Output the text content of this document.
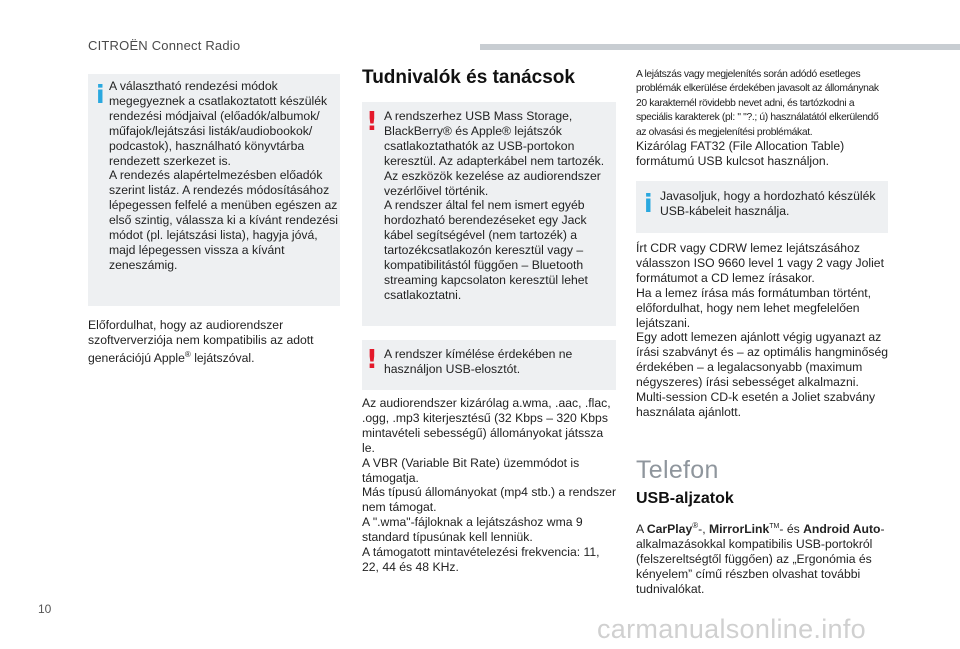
CITROËN Connect Radio
i A választható rendezési módok megegyeznek a csatlakoztatott készülék rendezési módjaival (előadók/albumok/ műfajok/lejátszási listák/audiobookok/ podcastok), használható könyvtárba rendezett szerkezet is.

A rendezés alapértelmezésben előadók szerint listáz. A rendezés módosításához lépegessen felfelé a menüben egészen az első szintig, válassza ki a kívánt rendezési módot (pl. lejátszási lista), hagyja jóvá, majd lépegessen vissza a kívánt zeneszámig.

Előfordulhat, hogy az audiorendszer szoftververziója nem kompatibilis az adott generációjú Apple® lejátszóval.

Tudnivalók és tanácsok
! A rendszerhez USB Mass Storage, BlackBerry® és Apple® lejátszók csatlakoztathatók az USB-portokon keresztül. Az adapterkábel nem tartozék.

Az eszközök kezelése az audiorendszer vezérlőivel történik.

A rendszer által fel nem ismert egyéb hordozható berendezéseket egy Jack kábel segítségével (nem tartozék) a tartozékcsatlakozón keresztül vagy – kompatibilitástól függően – Bluetooth streaming kapcsolaton keresztül lehet csatlakoztatni.

! A rendszer kímélése érdekében ne használjon USB-elosztót.

Az audiorendszer kizárólag a.wma, .aac, .flac, .ogg, .mp3 kiterjesztésű (32 Kbps – 320 Kbps mintavételi sebességű) állományokat játssza le.

A VBR (Variable Bit Rate) üzemmódot is támogatja.

Más típusú állományokat (mp4 stb.) a rendszer nem támogat.

A ".wma"-fájloknak a lejátszáshoz wma 9 standard típusúnak kell lenniük.

A támogatott mintavételezési frekvencia: 11, 22, 44 és 48 KHz.

A lejátszás vagy megjelenítés során adódó esetleges problémák elkerülése érdekében javasolt az állománynak 20 karakternél rövidebb nevet adni, és tartózkodni a speciális karakterek (pl: " "?.; ú) használatától elkerülendő az olvasási és megjelenítési problémákat.
Kizárólag FAT32 (File Allocation Table) formátumú USB kulcsot használjon.
i Javasoljuk, hogy a hordozható készülék USB-kábeleit használja.

Írt CDR vagy CDRW lemez lejátszásához válasszon ISO 9660 level 1 vagy 2 vagy Joliet formátumot a CD lemez írásakor.

Ha a lemez írása más formátumban történt, előfordulhat, hogy nem lehet megfelelően lejátszani.

Egy adott lemezen ajánlott végig ugyanazt az írási szabványt és – az optimális hangminőség érdekében – a legalacsonyabb (maximum négyszeres) írási sebességet alkalmazni.

Multi-session CD-k esetén a Joliet szabvány használata ajánlott.

Telefon
USB-aljzatok

A CarPlay®-, MirrorLink™- és Android Auto-alkalmazásokkal kompatibilis USB-portokról (felszereltségtől függően) az „Ergonómia és kényelem” című részben olvashat további tudnivalókat.

10
carmanualsonline.info
